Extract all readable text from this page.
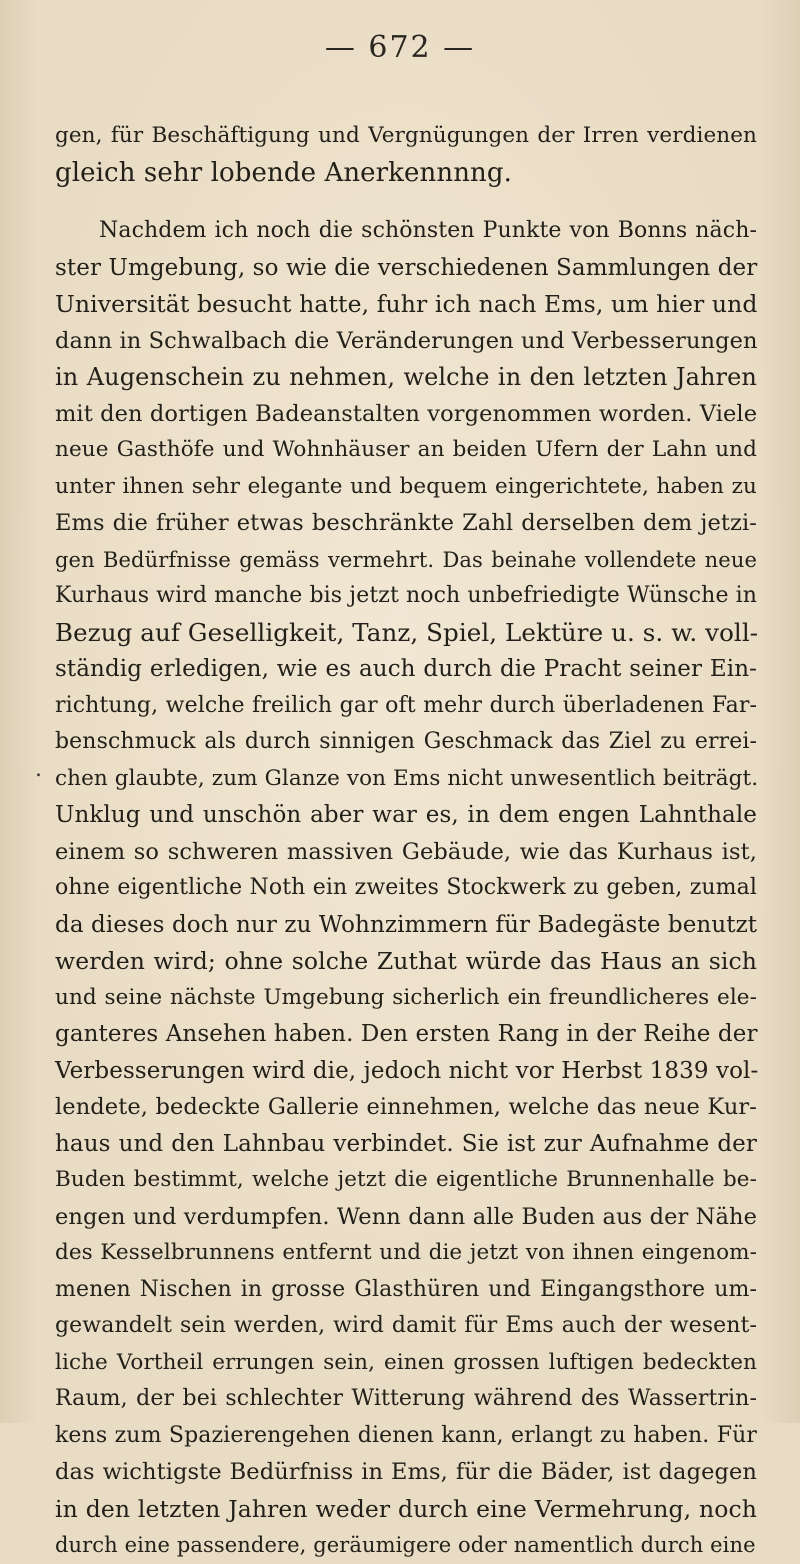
— 672 —
gen, für Beschäftigung und Vergnügungen der Irren verdienen
gleich sehr lobende Anerkennnng.
Nachdem ich noch die schönsten Punkte von Bonns näch-
ster Umgebung, so wie die verschiedenen Sammlungen der
Universität besucht hatte, fuhr ich nach Ems, um hier und
dann in Schwalbach die Veränderungen und Verbesserungen
in Augenschein zu nehmen, welche in den letzten Jahren
mit den dortigen Badeanstalten vorgenommen worden. Viele
neue Gasthöfe und Wohnhäuser an beiden Ufern der Lahn und
unter ihnen sehr elegante und bequem eingerichtete, haben zu
Ems die früher etwas beschränkte Zahl derselben dem jetzi-
gen Bedürfnisse gemäss vermehrt. Das beinahe vollendete neue
Kurhaus wird manche bis jetzt noch unbefriedigte Wünsche in
Bezug auf Geselligkeit, Tanz, Spiel, Lektüre u. s. w. voll-
ständig erledigen, wie es auch durch die Pracht seiner Ein-
richtung, welche freilich gar oft mehr durch überladenen Far-
benschmuck als durch sinnigen Geschmack das Ziel zu errei-
chen glaubte, zum Glanze von Ems nicht unwesentlich beiträgt.
Unklug und unschön aber war es, in dem engen Lahnthale
einem so schweren massiven Gebäude, wie das Kurhaus ist,
ohne eigentliche Noth ein zweites Stockwerk zu geben, zumal
da dieses doch nur zu Wohnzimmern für Badegäste benutzt
werden wird; ohne solche Zuthat würde das Haus an sich
und seine nächste Umgebung sicherlich ein freundlicheres ele-
ganteres Ansehen haben. Den ersten Rang in der Reihe der
Verbesserungen wird die, jedoch nicht vor Herbst 1839 vol-
lendete, bedeckte Gallerie einnehmen, welche das neue Kur-
haus und den Lahnbau verbindet. Sie ist zur Aufnahme der
Buden bestimmt, welche jetzt die eigentliche Brunnenhalle be-
engen und verdumpfen. Wenn dann alle Buden aus der Nähe
des Kesselbrunnens entfernt und die jetzt von ihnen eingenom-
menen Nischen in grosse Glasthüren und Eingangsthore um-
gewandelt sein werden, wird damit für Ems auch der wesent-
liche Vortheil errungen sein, einen grossen luftigen bedeckten
Raum, der bei schlechter Witterung während des Wassertrin-
kens zum Spazierengehen dienen kann, erlangt zu haben. Für
das wichtigste Bedürfniss in Ems, für die Bäder, ist dagegen
in den letzten Jahren weder durch eine Vermehrung, noch
durch eine passendere, geräumigere oder namentlich durch eine
.
